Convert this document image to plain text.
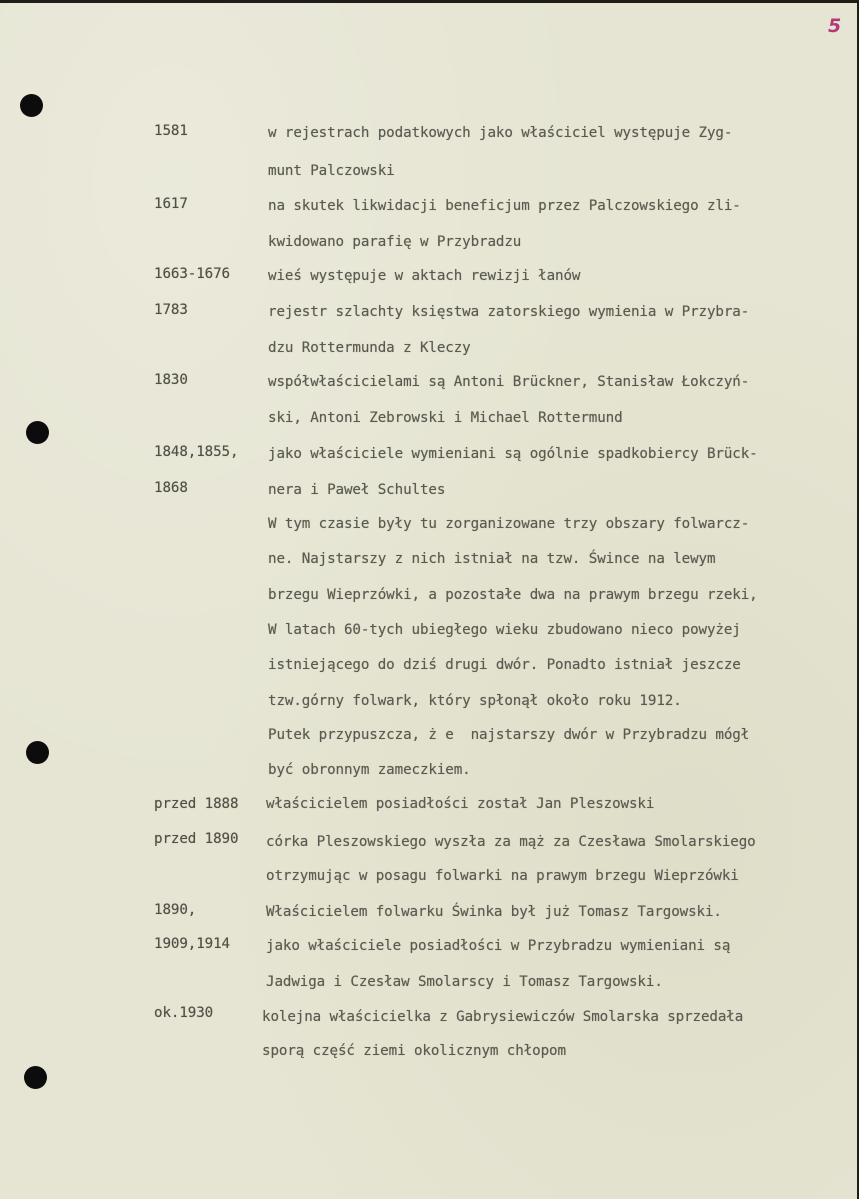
5
1581	w rejestrach podatkowych jako właściciel występuje Zyg-
munt Palczowski
1617	na skutek likwidacji beneficjum przez Palczowskiego zli-
kwidowano parafię w Przybradzu
1663-1676	wieś występuje w aktach rewizji łanów
1783	rejestr szlachty księstwa zatorskiego wymienia w Przybra-
dzu Rottermunda z Kleczy
1830	współwłaścicielami są Antoni Brückner, Stanisław Łokczyń-
ski, Antoni Zebrowski i Michael Rottermund
1848,1855, jako właściciele wymieniani są ogólnie spadkobiercy Brück-
1868	nera i Paweł Schultes
W tym czasie były tu zorganizowane trzy obszary folwarcz-
ne. Najstarszy z nich istniał na tzw. Śwince na lewym
brzegu Wieprzówki, a pozostałe dwa na prawym brzegu rzeki,
W latach 60-tych ubiegłego wieku zbudowano nieco powyżej
istniejącego do dziś drugi dwór. Ponadto istniał jeszcze
tzw.górny folwark, który spłonął około roku 1912.
Putek przypuszcza, ż e  najstarszy dwór w Przybradzu mógł
być obronnym zameczkiem.
przed 1888 właścicielem posiadłości został Jan Pleszowski
przed 1890 córka Pleszowskiego wyszła za mąż za Czesława Smolarskiego
otrzymując w posagu folwarki na prawym brzegu Wieprzówki
1890,	Właścicielem folwarku Świnka był już Tomasz Targowski.
1909,1914	jako właściciele posiadłości w Przybradzu wymieniani są
Jadwiga i Czesław Smolarscy i Tomasz Targowski.
ok.1930	kolejna właścicielka z Gabrysiewiczów Smolarska sprzedała
sporą część ziemi okolicznym chłopom
